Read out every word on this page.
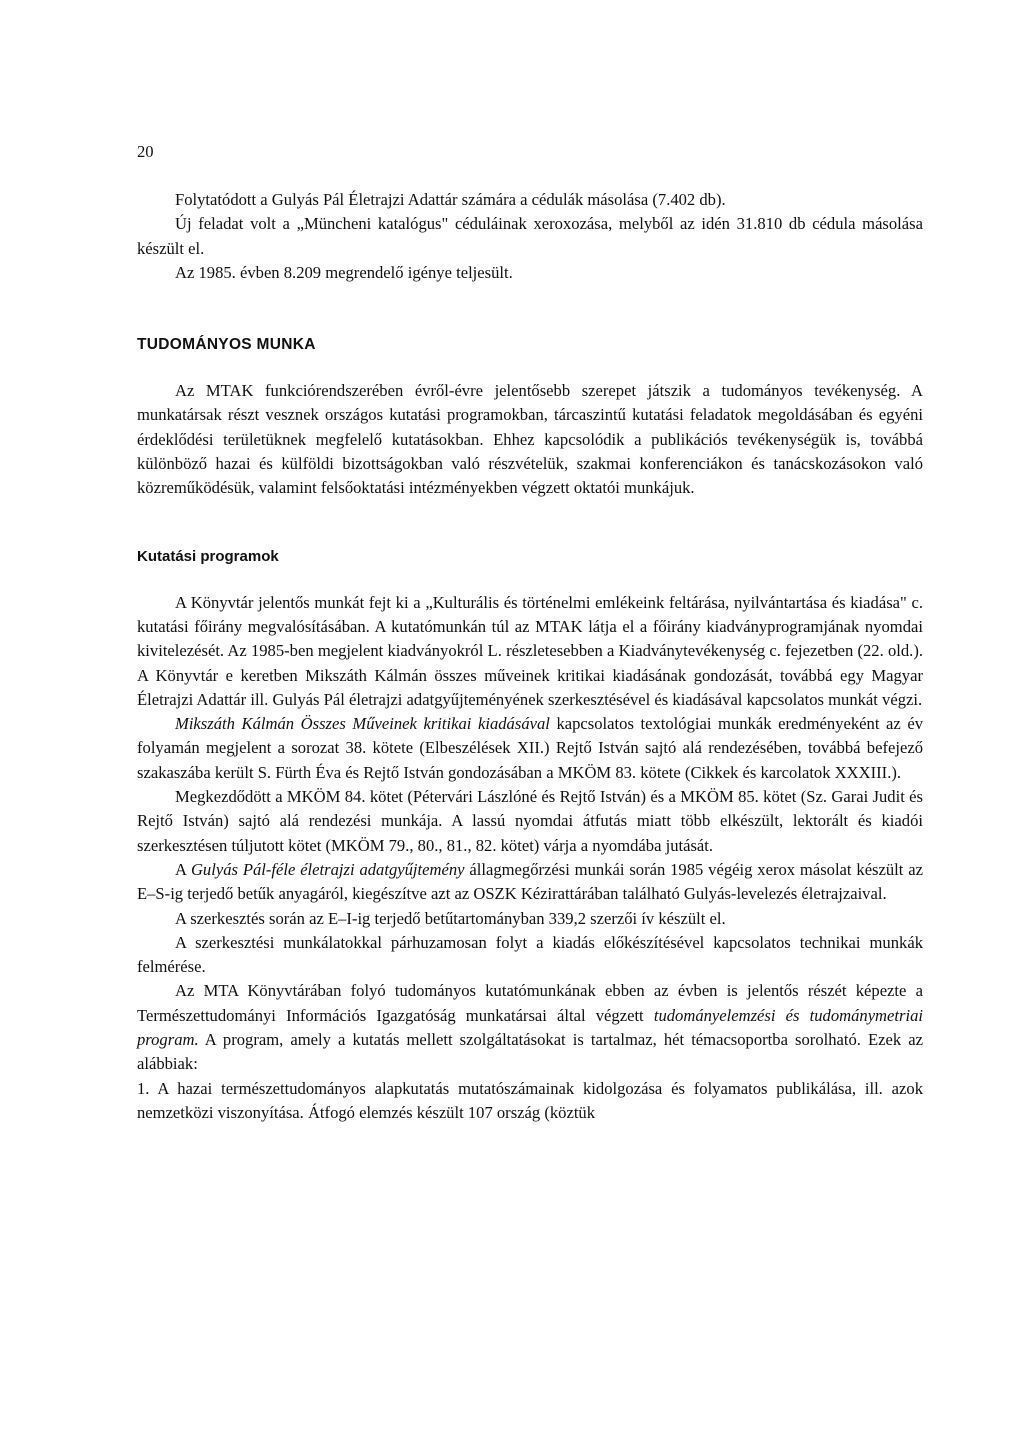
20

Folytatódott a Gulyás Pál Életrajzi Adattár számára a cédulák másolása (7.402 db).

Új feladat volt a „Müncheni katalógus" céduláinak xeroxozása, melyből az idén 31.810 db cédula másolása készült el.

Az 1985. évben 8.209 megrendelő igénye teljesült.

TUDOMÁNYOS MUNKA

Az MTAK funkciórendszerében évről-évre jelentősebb szerepet játszik a tudományos tevékenység. A munkatársak részt vesznek országos kutatási programokban, tárcaszintű kutatási feladatok megoldásában és egyéni érdeklődési területüknek megfelelő kutatásokban. Ehhez kapcsolódik a publikációs tevékenységük is, továbbá különböző hazai és külföldi bizottságokban való részvételük, szakmai konferenciákon és tanácskozásokon való közreműködésük, valamint felsőoktatási intézményekben végzett oktatói munkájuk.

Kutatási programok

A Könyvtár jelentős munkát fejt ki a „Kulturális és történelmi emlékeink feltárása, nyilvántartása és kiadása" c. kutatási főirány megvalósításában. A kutatómunkán túl az MTAK látja el a főirány kiadványprogramjának nyomdai kivitelezését. Az 1985-ben megjelent kiadványokról L. részletesebben a Kiadványtevékenység c. fejezetben (22. old.). A Könyvtár e keretben Mikszáth Kálmán összes műveinek kritikai kiadásának gondozását, továbbá egy Magyar Életrajzi Adattár ill. Gulyás Pál életrajzi adatgyűjteményének szerkesztésével és kiadásával kapcsolatos munkát végzi.

Mikszáth Kálmán Összes Műveinek kritikai kiadásával kapcsolatos textológiai munkák eredményeként az év folyamán megjelent a sorozat 38. kötete (Elbeszélések XII.) Rejtő István sajtó alá rendezésében, továbbá befejező szakaszába került S. Fürth Éva és Rejtő István gondozásában a MKÖM 83. kötete (Cikkek és karcolatok XXXIII.).

Megkezdődött a MKÖM 84. kötet (Pétervári Lászlóné és Rejtő István) és a MKÖM 85. kötet (Sz. Garai Judit és Rejtő István) sajtó alá rendezési munkája. A lassú nyomdai átfutás miatt több elkészült, lektorált és kiadói szerkesztésen túljutott kötet (MKÖM 79., 80., 81., 82. kötet) várja a nyomdába jutását.

A Gulyás Pál-féle életrajzi adatgyűjtemény állagmegőrzési munkái során 1985 végéig xerox másolat készült az E–S-ig terjedő betűk anyagáról, kiegészítve azt az OSZK Kézirattárában található Gulyás-levelezés életrajzaival.

A szerkesztés során az E–I-ig terjedő betűtartományban 339,2 szerzői ív készült el.

A szerkesztési munkálatokkal párhuzamosan folyt a kiadás előkészítésével kapcsolatos technikai munkák felmérése.

Az MTA Könyvtárában folyó tudományos kutatómunkának ebben az évben is jelentős részét képezte a Természettudományi Információs Igazgatóság munkatársai által végzett tudományelemzési és tudománymetriai program. A program, amely a kutatás mellett szolgáltatásokat is tartalmaz, hét témacsoportba sorolható. Ezek az alábbiak:

1. A hazai természettudományos alapkutatás mutatószámainak kidolgozása és folyamatos publikálása, ill. azok nemzetközi viszonyítása. Átfogó elemzés készült 107 ország (köztük
